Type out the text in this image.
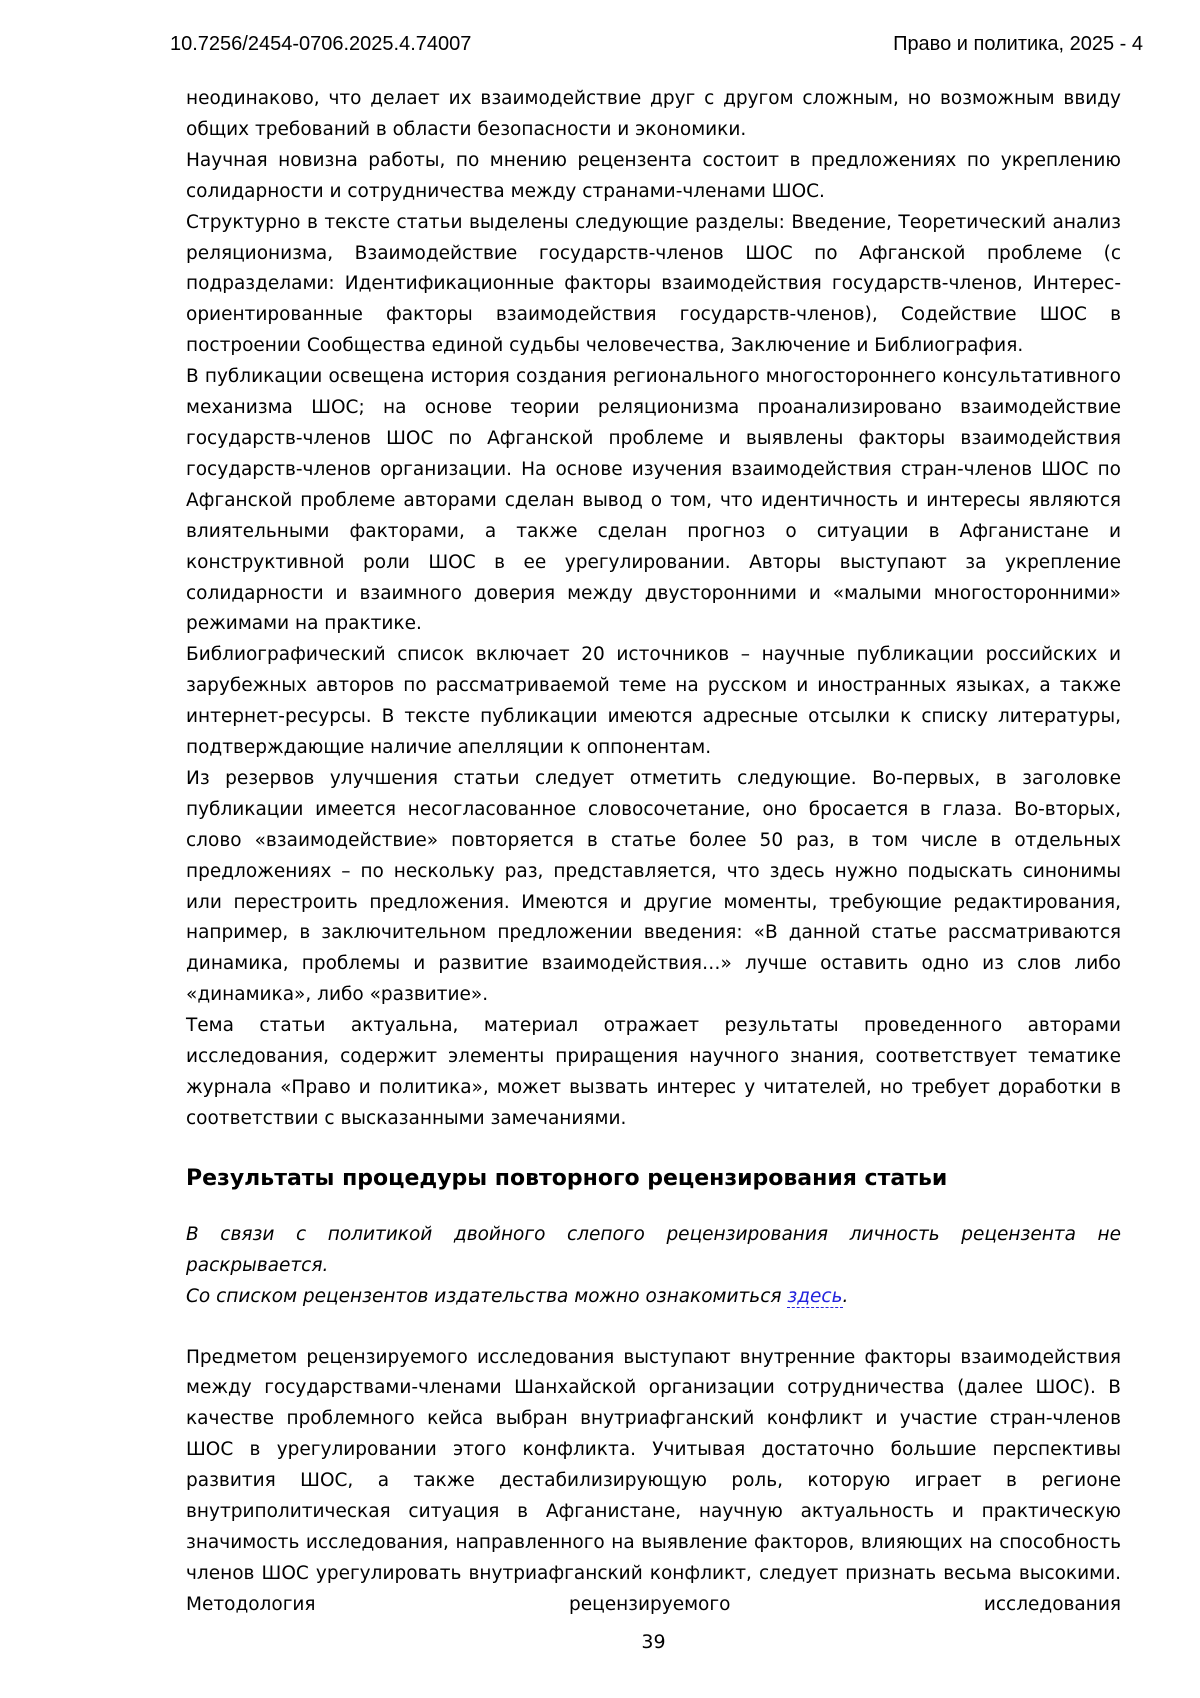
10.7256/2454-0706.2025.4.74007	Право и политика, 2025 - 4

неодинаково, что делает их взаимодействие друг с другом сложным, но возможным ввиду общих требований в области безопасности и экономики.

Научная новизна работы, по мнению рецензента состоит в предложениях по укреплению солидарности и сотрудничества между странами-членами ШОС.

Структурно в тексте статьи выделены следующие разделы: Введение, Теоретический анализ реляционизма, Взаимодействие государств-членов ШОС по Афганской проблеме (с подразделами: Идентификационные факторы взаимодействия государств-членов, Интерес-ориентированные факторы взаимодействия государств-членов), Содействие ШОС в построении Сообщества единой судьбы человечества, Заключение и Библиография.

В публикации освещена история создания регионального многостороннего консультативного механизма ШОС; на основе теории реляционизма проанализировано взаимодействие государств-членов ШОС по Афганской проблеме и выявлены факторы взаимодействия государств-членов организации. На основе изучения взаимодействия стран-членов ШОС по Афганской проблеме авторами сделан вывод о том, что идентичность и интересы являются влиятельными факторами, а также сделан прогноз о ситуации в Афганистане и конструктивной роли ШОС в ее урегулировании. Авторы выступают за укрепление солидарности и взаимного доверия между двусторонними и «малыми многосторонними» режимами на практике.

Библиографический список включает 20 источников – научные публикации российских и зарубежных авторов по рассматриваемой теме на русском и иностранных языках, а также интернет-ресурсы. В тексте публикации имеются адресные отсылки к списку литературы, подтверждающие наличие апелляции к оппонентам.

Из резервов улучшения статьи следует отметить следующие. Во-первых, в заголовке публикации имеется несогласованное словосочетание, оно бросается в глаза. Во-вторых, слово «взаимодействие» повторяется в статье более 50 раз, в том числе в отдельных предложениях – по нескольку раз, представляется, что здесь нужно подыскать синонимы или перестроить предложения. Имеются и другие моменты, требующие редактирования, например, в заключительном предложении введения: «В данной статье рассматриваются динамика, проблемы и развитие взаимодействия…» лучше оставить одно из слов либо «динамика», либо «развитие».

Тема статьи актуальна, материал отражает результаты проведенного авторами исследования, содержит элементы приращения научного знания, соответствует тематике журнала «Право и политика», может вызвать интерес у читателей, но требует доработки в соответствии с высказанными замечаниями.

Результаты процедуры повторного рецензирования статьи

В связи с политикой двойного слепого рецензирования личность рецензента не раскрывается.

Со списком рецензентов издательства можно ознакомиться здесь.

Предметом рецензируемого исследования выступают внутренние факторы взаимодействия между государствами-членами Шанхайской организации сотрудничества (далее ШОС). В качестве проблемного кейса выбран внутриафганский конфликт и участие стран-членов ШОС в урегулировании этого конфликта. Учитывая достаточно большие перспективы развития ШОС, а также дестабилизирующую роль, которую играет в регионе внутриполитическая ситуация в Афганистане, научную актуальность и практическую значимость исследования, направленного на выявление факторов, влияющих на способность членов ШОС урегулировать внутриафганский конфликт, следует признать весьма высокими. Методология рецензируемого исследования

39
